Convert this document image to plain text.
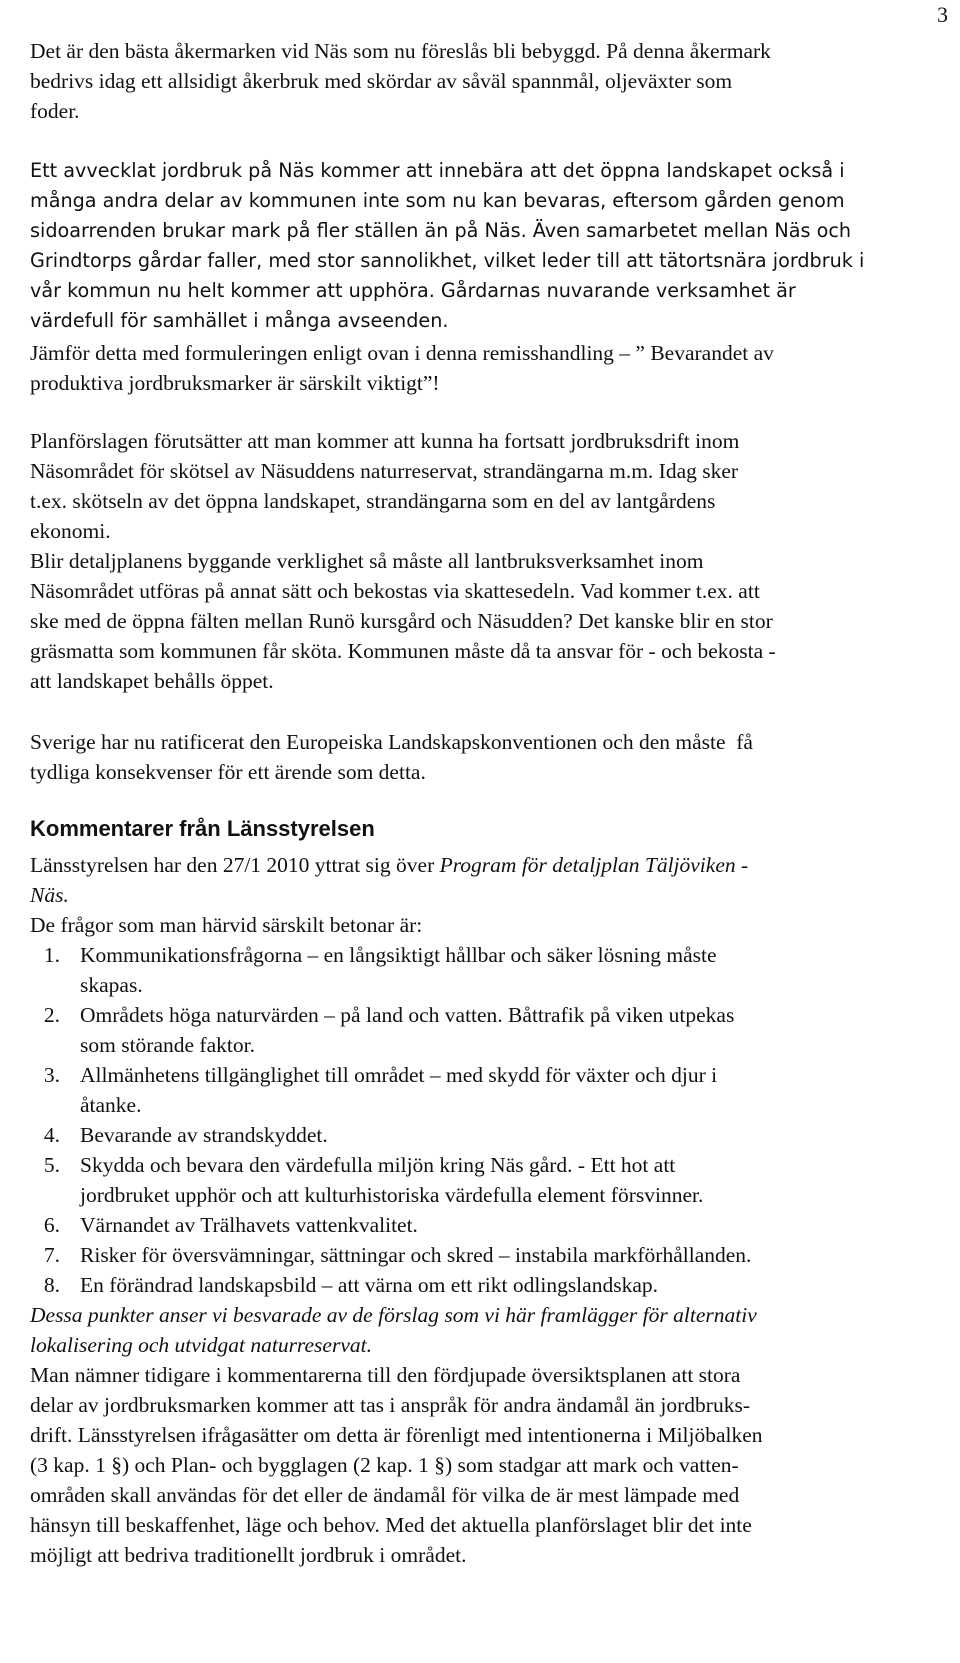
3
Det är den bästa åkermarken vid Näs som nu föreslås bli bebyggd. På denna åkermark
bedrivs idag ett allsidigt åkerbruk med skördar av såväl spannmål, oljeväxter som
foder.
Ett avvecklat jordbruk på Näs kommer att innebära att det öppna landskapet också i
många andra delar av kommunen inte som nu kan bevaras, eftersom gården genom
sidoarrenden brukar mark på fler ställen än på Näs. Även samarbetet mellan Näs och
Grindtorps gårdar faller, med stor sannolikhet, vilket leder till att tätortsnära jordbruk i
vår kommun nu helt kommer att upphöra. Gårdarnas nuvarande verksamhet är
värdefull för samhället i många avseenden.
Jämför detta med formuleringen enligt ovan i denna remisshandling – ” Bevarandet av
produktiva jordbruksmarker är särskilt viktigt”!
Planförslagen förutsätter att man kommer att kunna ha fortsatt jordbruksdrift inom
Näsområdet för skötsel av Näsuddens naturreservat, strandängarna m.m. Idag sker
t.ex. skötseln av det öppna landskapet, strandängarna som en del av lantgårdens
ekonomi.
Blir detaljplanens byggande verklighet så måste all lantbruksverksamhet inom
Näsområdet utföras på annat sätt och bekostas via skattesedeln. Vad kommer t.ex. att
ske med de öppna fälten mellan Runö kursgård och Näsudden? Det kanske blir en stor
gräsmatta som kommunen får sköta. Kommunen måste då ta ansvar för - och bekosta -
att landskapet behålls öppet.
Sverige har nu ratificerat den Europeiska Landskapskonventionen och den måste  få
tydliga konsekvenser för ett ärende som detta.
Kommentarer från Länsstyrelsen
Länsstyrelsen har den 27/1 2010 yttrat sig över Program för detaljplan Täljöviken -
Näs.
De frågor som man härvid särskilt betonar är:
1. Kommunikationsfrågorna – en långsiktigt hållbar och säker lösning måste
skapas.
2. Områdets höga naturvärden – på land och vatten. Båttrafik på viken utpekas
som störande faktor.
3. Allmänhetens tillgänglighet till området – med skydd för växter och djur i
åtanke.
4. Bevarande av strandskyddet.
5. Skydda och bevara den värdefulla miljön kring Näs gård. - Ett hot att
jordbruket upphör och att kulturhistoriska värdefulla element försvinner.
6. Värnandet av Trälhavets vattenkvalitet.
7. Risker för översvämningar, sättningar och skred – instabila markförhållanden.
8. En förändrad landskapsbild – att värna om ett rikt odlingslandskap.
Dessa punkter anser vi besvarade av de förslag som vi här framlägger för alternativ
lokalisering och utvidgat naturreservat.
Man nämner tidigare i kommentarerna till den fördjupade översiktsplanen att stora
delar av jordbruksmarken kommer att tas i anspråk för andra ändamål än jordbruks-
drift. Länsstyrelsen ifrågasätter om detta är förenligt med intentionerna i Miljöbalken
(3 kap. 1 §) och Plan- och bygglagen (2 kap. 1 §) som stadgar att mark och vatten-
områden skall användas för det eller de ändamål för vilka de är mest lämpade med
hänsyn till beskaffenhet, läge och behov. Med det aktuella planförslaget blir det inte
möjligt att bedriva traditionellt jordbruk i området.
